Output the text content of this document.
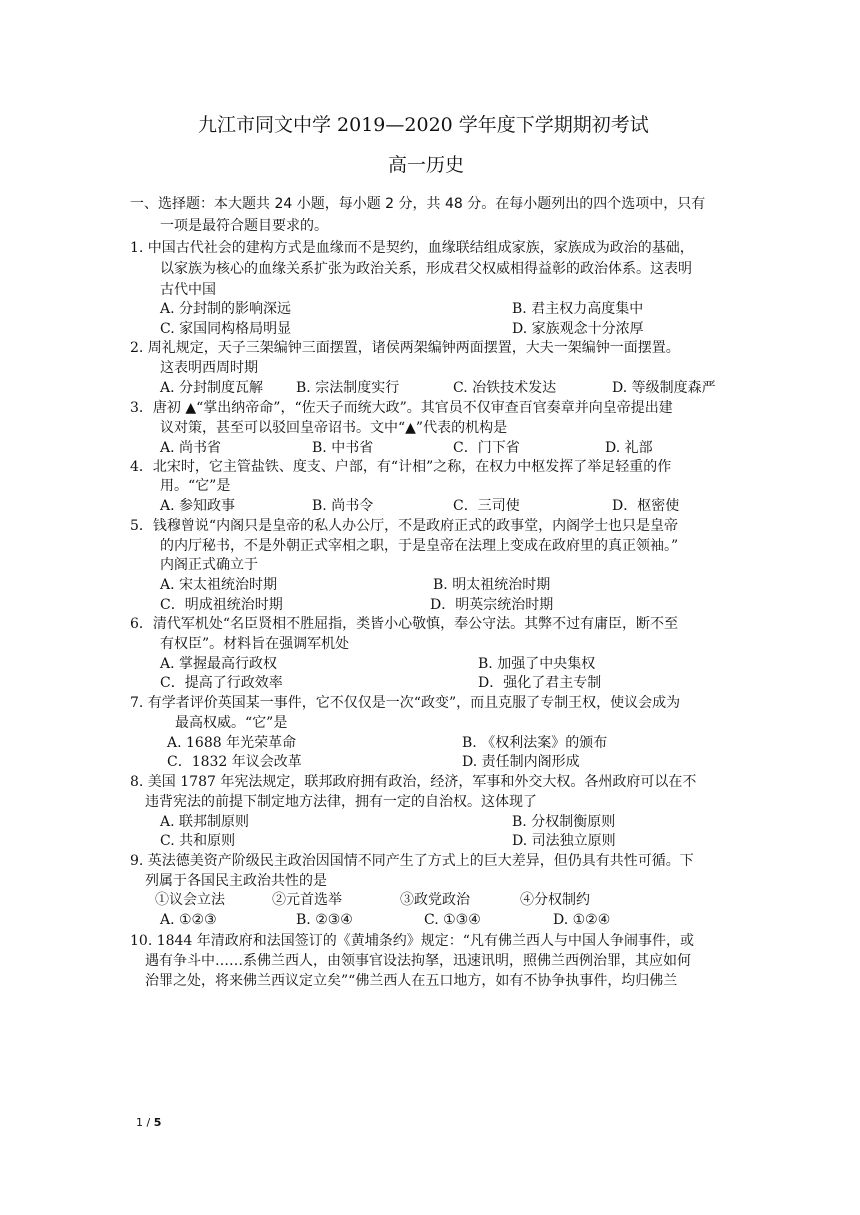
九江市同文中学 2019—2020 学年度下学期期初考试
高一历史
一、选择题：本大题共 24 小题，每小题 2 分，共 48 分。在每小题列出的四个选项中，只有
一项是最符合题目要求的。
1. 中国古代社会的建构方式是血缘而不是契约，血缘联结组成家族，家族成为政治的基础，
以家族为核心的血缘关系扩张为政治关系，形成君父权威相得益彰的政治体系。这表明
古代中国
A. 分封制的影响深远	B. 君主权力高度集中
C. 家国同构格局明显	D. 家族观念十分浓厚
2. 周礼规定，天子三架编钟三面摆置，诸侯两架编钟两面摆置，大夫一架编钟一面摆置。
这表明西周时期
A. 分封制度瓦解 B. 宗法制度实行	C. 冶铁技术发达	D. 等级制度森严
3．唐初 ▲“掌出纳帝命”，“佐天子而统大政”。其官员不仅审查百官奏章并向皇帝提出建
议对策，甚至可以驳回皇帝诏书。文中“▲”代表的机构是
A. 尚书省	B. 中书省	C．门下省	D. 礼部
4．北宋时，它主管盐铁、度支、户部，有“计相”之称，在权力中枢发挥了举足轻重的作
用。“它”是
A. 参知政事	B. 尚书令	C．三司使	D．枢密使
5．钱穆曾说“内阁只是皇帝的私人办公厅，不是政府正式的政事堂，内阁学士也只是皇帝
的内厅秘书，不是外朝正式宰相之职，于是皇帝在法理上变成在政府里的真正领袖。”
内阁正式确立于
A. 宋太祖统治时期	B. 明太祖统治时期
C．明成祖统治时期	D．明英宗统治时期
6．清代军机处“名臣贤相不胜屈指，类皆小心敬慎，奉公守法。其弊不过有庸臣，断不至
有权臣”。材料旨在强调军机处
A. 掌握最高行政权	B. 加强了中央集权
C．提高了行政效率	D．强化了君主专制
7. 有学者评价英国某一事件，它不仅仅是一次“政变”，而且克服了专制王权，使议会成为
最高权威。“它”是
A. 1688 年光荣革命	B. 《权利法案》的颁布
C．1832 年议会改革	D. 责任制内阁形成
8. 美国 1787 年宪法规定，联邦政府拥有政治，经济，军事和外交大权。各州政府可以在不
违背宪法的前提下制定地方法律，拥有一定的自治权。这体现了
A. 联邦制原则	B. 分权制衡原则
C. 共和原则	D. 司法独立原则
9. 英法德美资产阶级民主政治因国情不同产生了方式上的巨大差异，但仍具有共性可循。下
列属于各国民主政治共性的是
①议会立法	②元首选举	③政党政治	④分权制约
A. ①②③	B. ②③④	C. ①③④	D. ①②④
10. 1844 年清政府和法国签订的《黄埔条约》规定：“凡有佛兰西人与中国人争闹事件，或
遇有争斗中……系佛兰西人，由领事官设法拘拏，迅速讯明，照佛兰西例治罪，其应如何
治罪之处，将来佛兰西议定立矣”“佛兰西人在五口地方，如有不协争执事件，均归佛兰
1 / 5
